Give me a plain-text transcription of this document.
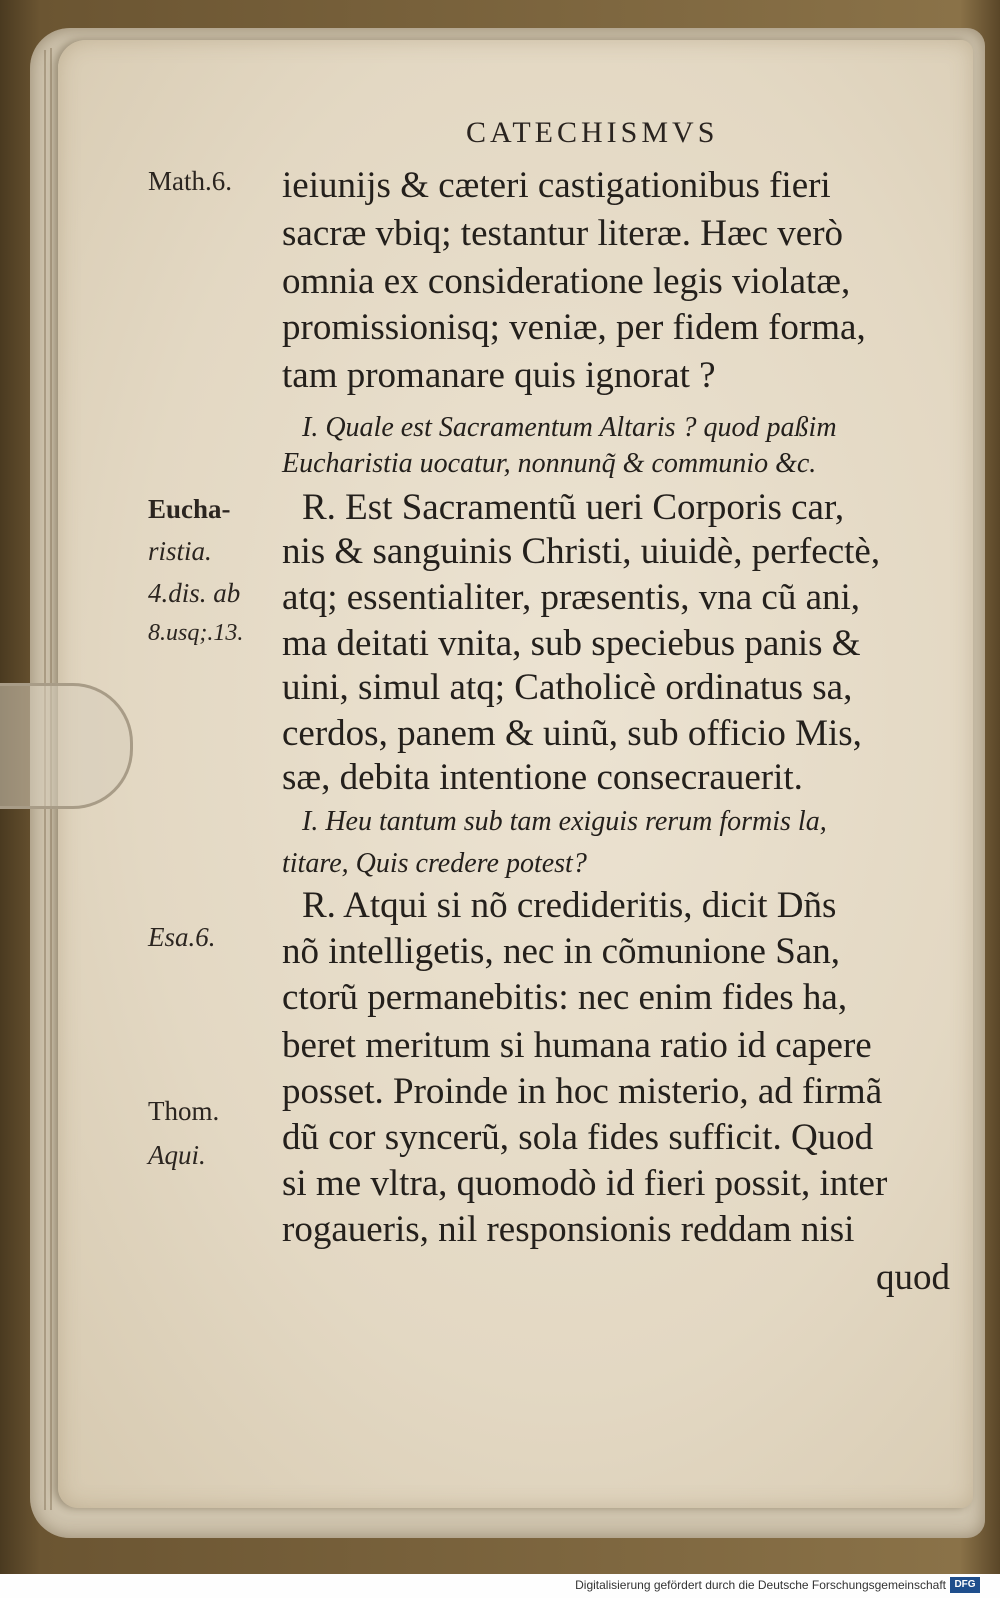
CATECHISMVS
Math.6.
Eucha-
ristia.
4.dis. ab
8.usq;.13.
Esa.6.
Thom.
Aqui.
ieiunijs & cæteri castigationibus fieri
sacræ vbiq; testantur literæ. Hæc verò
omnia ex consideratione legis violatæ,
promissionisq; veniæ, per fidem forma,
tam promanare quis ignorat ?
I. Quale est Sacramentum Altaris ? quod paßim
Eucharistia uocatur, nonnunq̃ & communio &c.
R. Est Sacramentũ ueri Corporis car,
nis & sanguinis Christi, uiuidè, perfectè,
atq; essentialiter, præsentis, vna cũ ani,
ma deitati vnita, sub speciebus panis &
uini, simul atq; Catholicè ordinatus sa,
cerdos, panem & uinũ, sub officio Mis,
sæ, debita intentione consecrauerit.
I. Heu tantum sub tam exiguis rerum formis la,
titare, Quis credere potest?
R. Atqui si nõ credideritis, dicit Dñs
nõ intelligetis, nec in cõmunione San,
ctorũ permanebitis: nec enim fides ha,
beret meritum si humana ratio id capere
posset. Proinde in hoc misterio, ad firmã
dũ cor syncerũ, sola fides sufficit. Quod
si me vltra, quomodò id fieri possit, inter
rogaueris, nil responsionis reddam nisi
quod
Digitalisierung gefördert durch die Deutsche Forschungsgemeinschaft DFG
